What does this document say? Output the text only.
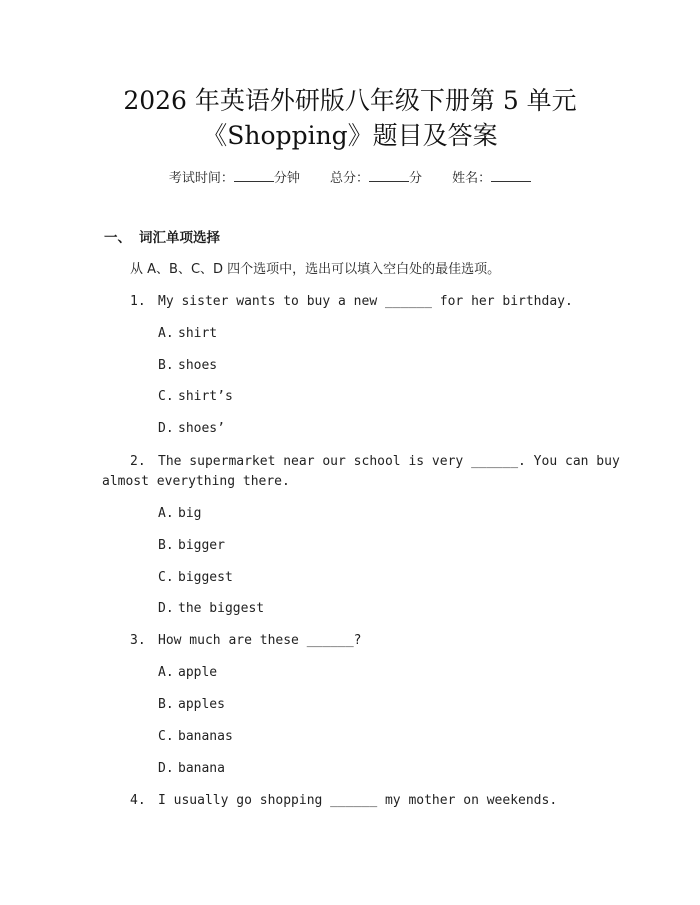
2026 年英语外研版八年级下册第 5 单元
《Shopping》题目及答案
考试时间：	分钟 总分：	分 姓名：
一、 词汇单项选择
从 A、B、C、D 四个选项中，选出可以填入空白处的最佳选项。
1. My sister wants to buy a new ______ for her birthday.
A. shirt
B. shoes
C. shirt’s
D. shoes’
2. The supermarket near our school is very ______. You can buy
almost everything there.
A. big
B. bigger
C. biggest
D. the biggest
3. How much are these ______?
A. apple
B. apples
C. bananas
D. banana
4. I usually go shopping ______ my mother on weekends.
